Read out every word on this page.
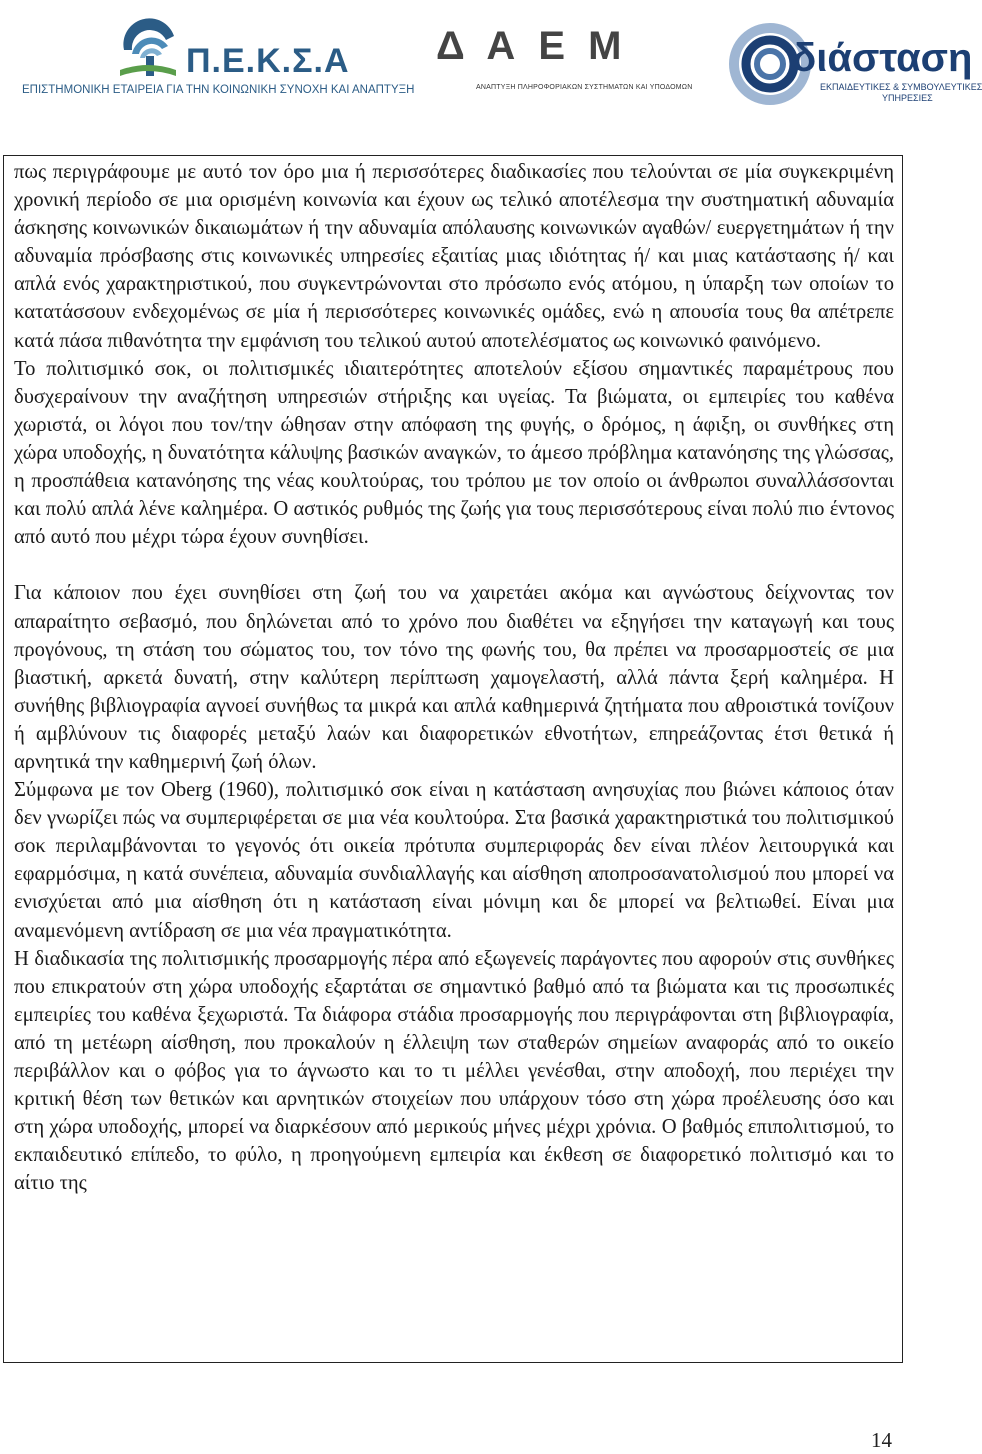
Π.Ε.Κ.Σ.Α
ΕΠΙΣΤΗΜΟΝΙΚΗ ΕΤΑΙΡΕΙΑ ΓΙΑ ΤΗΝ ΚΟΙΝΩΝΙΚΗ ΣΥΝΟΧΗ ΚΑΙ ΑΝΑΠΤΥΞΗ
Δ Α Ε Μ
ΑΝΑΠΤΥΞΗ ΠΛΗΡΟΦΟΡΙΑΚΩΝ ΣΥΣΤΗΜΑΤΩΝ ΚΑΙ ΥΠΟΔΟΜΩΝ
διάσταση
ΕΚΠΑΙΔΕΥΤΙΚΕΣ & ΣΥΜΒΟΥΛΕΥΤΙΚΕΣ
ΥΠΗΡΕΣΙΕΣ

πως περιγράφουμε με αυτό τον όρο μια ή περισσότερες διαδικασίες που τελούνται σε μία συγκεκριμένη χρονική περίοδο σε μια ορισμένη κοινωνία και έχουν ως τελικό αποτέλεσμα την συστηματική αδυναμία άσκησης κοινωνικών δικαιωμάτων ή την αδυναμία απόλαυσης κοινωνικών αγαθών/ ευεργετημάτων ή την αδυναμία πρόσβασης στις κοινωνικές υπηρεσίες εξαιτίας μιας ιδιότητας ή/ και μιας κατάστασης ή/ και απλά ενός χαρακτηριστικού, που συγκεντρώνονται στο πρόσωπο ενός ατόμου, η ύπαρξη των οποίων το κατατάσσουν ενδεχομένως σε μία ή περισσότερες κοινωνικές ομάδες, ενώ η απουσία τους θα απέτρεπε κατά πάσα πιθανότητα την εμφάνιση του τελικού αυτού αποτελέσματος ως κοινωνικό φαινόμενο.

Το πολιτισμικό σοκ, οι πολιτισμικές ιδιαιτερότητες αποτελούν εξίσου σημαντικές παραμέτρους που δυσχεραίνουν την αναζήτηση υπηρεσιών στήριξης και υγείας. Τα βιώματα, οι εμπειρίες του καθένα χωριστά, οι λόγοι που τον/την ώθησαν στην απόφαση της φυγής, ο δρόμος, η άφιξη, οι συνθήκες στη χώρα υποδοχής, η δυνατότητα κάλυψης βασικών αναγκών, το άμεσο πρόβλημα κατανόησης της γλώσσας, η προσπάθεια κατανόησης της νέας κουλτούρας, του τρόπου με τον οποίο οι άνθρωποι συναλλάσσονται και πολύ απλά λένε καλημέρα. Ο αστικός ρυθμός της ζωής για τους περισσότερους είναι πολύ πιο έντονος από αυτό που μέχρι τώρα έχουν συνηθίσει.

Για κάποιον που έχει συνηθίσει στη ζωή του να χαιρετάει ακόμα και αγνώστους δείχνοντας τον απαραίτητο σεβασμό, που δηλώνεται από το χρόνο που διαθέτει να εξηγήσει την καταγωγή και τους προγόνους, τη στάση του σώματος του, τον τόνο της φωνής του, θα πρέπει να προσαρμοστείς σε μια βιαστική, αρκετά δυνατή, στην καλύτερη περίπτωση χαμογελαστή, αλλά πάντα ξερή καλημέρα. Η συνήθης βιβλιογραφία αγνοεί συνήθως τα μικρά και απλά καθημερινά ζητήματα που αθροιστικά τονίζουν ή αμβλύνουν τις διαφορές μεταξύ λαών και διαφορετικών εθνοτήτων, επηρεάζοντας έτσι θετικά ή αρνητικά την καθημερινή ζωή όλων.

Σύμφωνα με τον Oberg (1960), πολιτισμικό σοκ είναι η κατάσταση ανησυχίας που βιώνει κάποιος όταν δεν γνωρίζει πώς να συμπεριφέρεται σε μια νέα κουλτούρα. Στα βασικά χαρακτηριστικά του πολιτισμικού σοκ περιλαμβάνονται το γεγονός ότι οικεία πρότυπα συμπεριφοράς δεν είναι πλέον λειτουργικά και εφαρμόσιμα, η κατά συνέπεια, αδυναμία συνδιαλλαγής και αίσθηση αποπροσανατολισμού που μπορεί να ενισχύεται από μια αίσθηση ότι η κατάσταση είναι μόνιμη και δε μπορεί να βελτιωθεί. Είναι μια αναμενόμενη αντίδραση σε μια νέα πραγματικότητα.

Η διαδικασία της πολιτισμικής προσαρμογής πέρα από εξωγενείς παράγοντες που αφορούν στις συνθήκες που επικρατούν στη χώρα υποδοχής εξαρτάται σε σημαντικό βαθμό από τα βιώματα και τις προσωπικές εμπειρίες του καθένα ξεχωριστά. Τα διάφορα στάδια προσαρμογής που περιγράφονται στη βιβλιογραφία, από τη μετέωρη αίσθηση, που προκαλούν η έλλειψη των σταθερών σημείων αναφοράς από το οικείο περιβάλλον και ο φόβος για το άγνωστο και το τι μέλλει γενέσθαι, στην αποδοχή, που περιέχει την κριτική θέση των θετικών και αρνητικών στοιχείων που υπάρχουν τόσο στη χώρα προέλευσης όσο και στη χώρα υποδοχής, μπορεί να διαρκέσουν από μερικούς μήνες μέχρι χρόνια. Ο βαθμός επιπολιτισμού, το εκπαιδευτικό επίπεδο, το φύλο, η προηγούμενη εμπειρία και έκθεση σε διαφορετικό πολιτισμό και το αίτιο της

14
